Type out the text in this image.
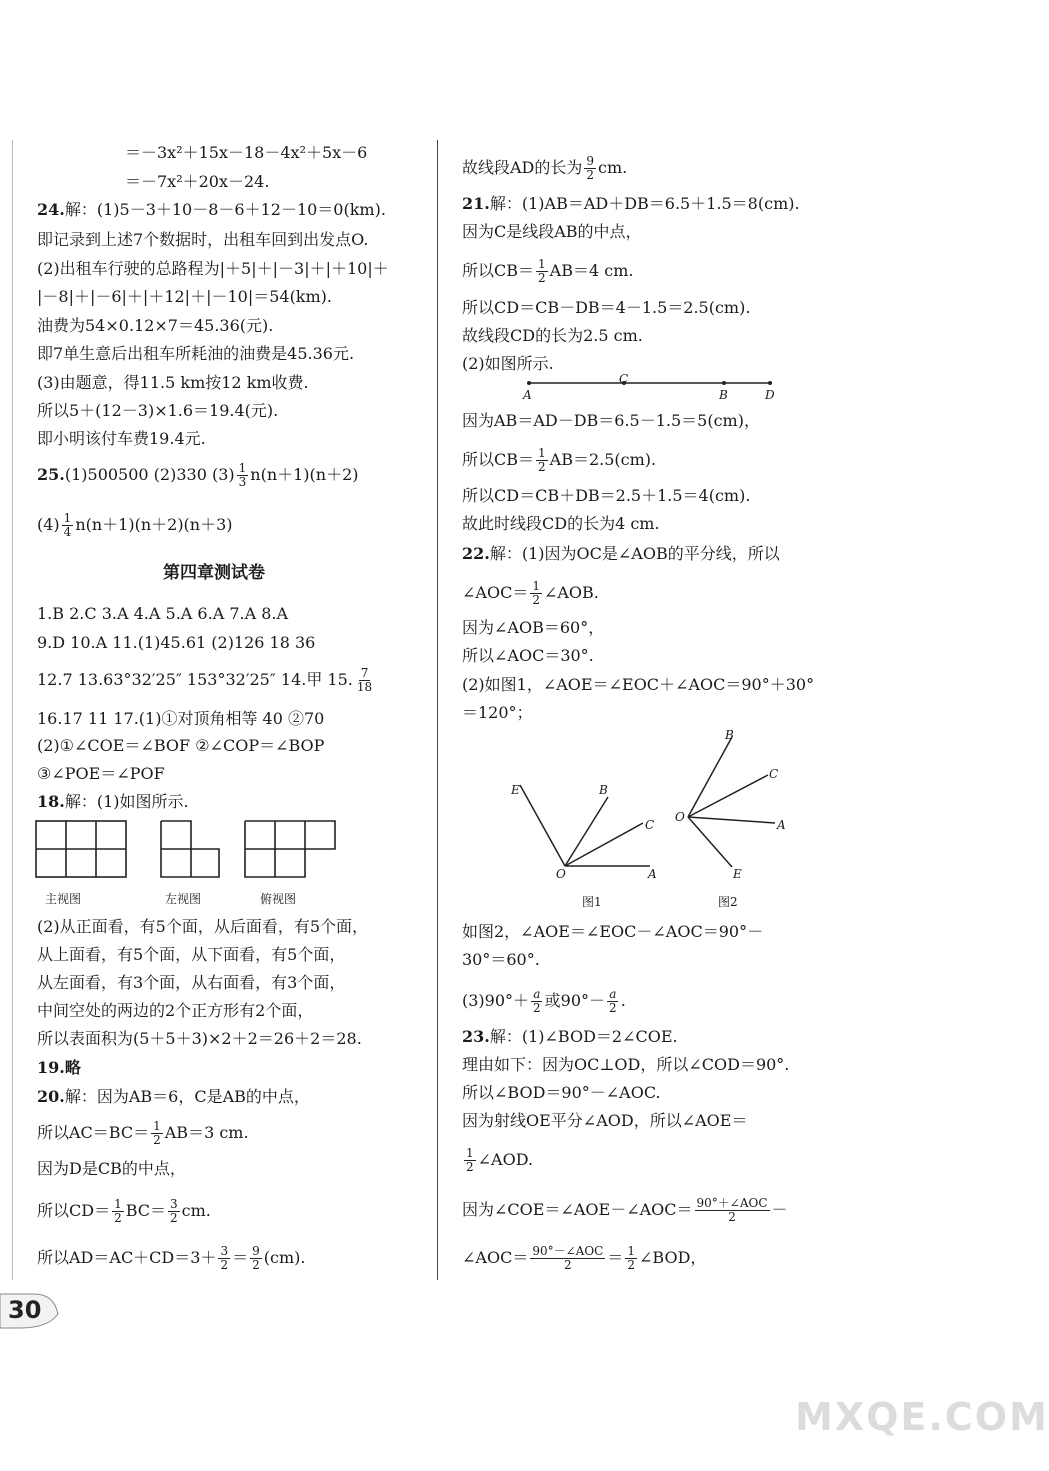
＝－3x²＋15x－18－4x²＋5x－6
＝－7x²＋20x－24.
24.解：(1)5－3＋10－8－6＋12－10＝0(km).
即记录到上述7个数据时，出租车回到出发点O.
(2)出租车行驶的总路程为|＋5|＋|－3|＋|＋10|＋
|－8|＋|－6|＋|＋12|＋|－10|＝54(km).
油费为54×0.12×7＝45.36(元).
即7单生意后出租车所耗油的油费是45.36元.
(3)由题意，得11.5 km按12 km收费.
所以5＋(12－3)×1.6＝19.4(元).
即小明该付车费19.4元.
25.(1)500500 (2)330 $(3) \frac{1}{3} n(n+1)(n+2)$
$(4) \frac{1}{4} n(n+1)(n+2)(n+3)$
第四章测试卷
1.B 2.C 3.A 4.A 5.A 6.A 7.A 8.A
9.D 10.A 11.(1)45.61 (2)126 18 36
12.7 13.63°32′25″ 153°32′25″ 14.甲 15. $\frac{7}{18}$
16.17 11 17.(1)①对顶角相等 40 ②70
(2)①∠COE＝∠BOF ②∠COP＝∠BOP
③∠POE＝∠POF
18.解：(1)如图所示.
主视图	左视图	俯视图
(2)从正面看，有5个面，从后面看，有5个面，
从上面看，有5个面，从下面看，有5个面，
从左面看，有3个面，从右面看，有3个面，
中间空处的两边的2个正方形有2个面，
所以表面积为(5＋5＋3)×2＋2＝26＋2＝28.
19.略
20.解：因为AB＝6，C是AB的中点，
所以$AC=BC= \frac{1}{2} AB=3$ cm.
因为D是CB的中点，
所以$CD= \frac{1}{2} BC= \frac{3}{2}$ cm.
所以$AD=AC+CD=3+ \frac{3}{2} = \frac{9}{2} (cm)$.
30
故线段AD的长为 $\frac{9}{2}$ cm.
21.解：(1)AB＝AD＋DB＝6.5＋1.5＝8(cm).
因为C是线段AB的中点，
所以$CB= \frac{1}{2} AB=4$ cm.
所以CD＝CB－DB＝4－1.5＝2.5(cm).
故线段CD的长为2.5 cm.
(2)如图所示.
A
C
B	D
因为AB＝AD－DB＝6.5－1.5＝5(cm)，
所以$CB= \frac{1}{2} AB=2.5(cm)$.
所以CD＝CB＋DB＝2.5＋1.5＝4(cm).
故此时线段CD的长为4 cm.
22.解：(1)因为OC是∠AOB的平分线，所以
∠AOC＝ $\frac{1}{2}$ ∠AOB.
因为∠AOB＝60°，
所以∠AOC＝30°.
(2)如图1，∠AOE＝∠EOC＋∠AOC＝90°＋30°
＝120°；
E	B
C
O	A
B
C
O
A
E
图1	图2
如图2，∠AOE＝∠EOC－∠AOC＝90°－
30°＝60°.
$(3)90^\circ+ \frac{a}{2}$ 或$90^\circ- \frac{a}{2}$ .
23.解：(1)∠BOD＝2∠COE.
理由如下：因为OC⊥OD，所以∠COD＝90°.
所以∠BOD＝90°－∠AOC.
因为射线OE平分∠AOD，所以∠AOE＝
$\frac{1}{2}$ ∠AOD.
因为∠COE＝∠AOE－∠AOC＝ $\frac{\text{90°＋∠AOC}}{2}$ －
∠AOC＝ $\frac{\text{90°－∠AOC}}{2} = \frac{1}{2}$ ∠BOD，
MXQE.COM
